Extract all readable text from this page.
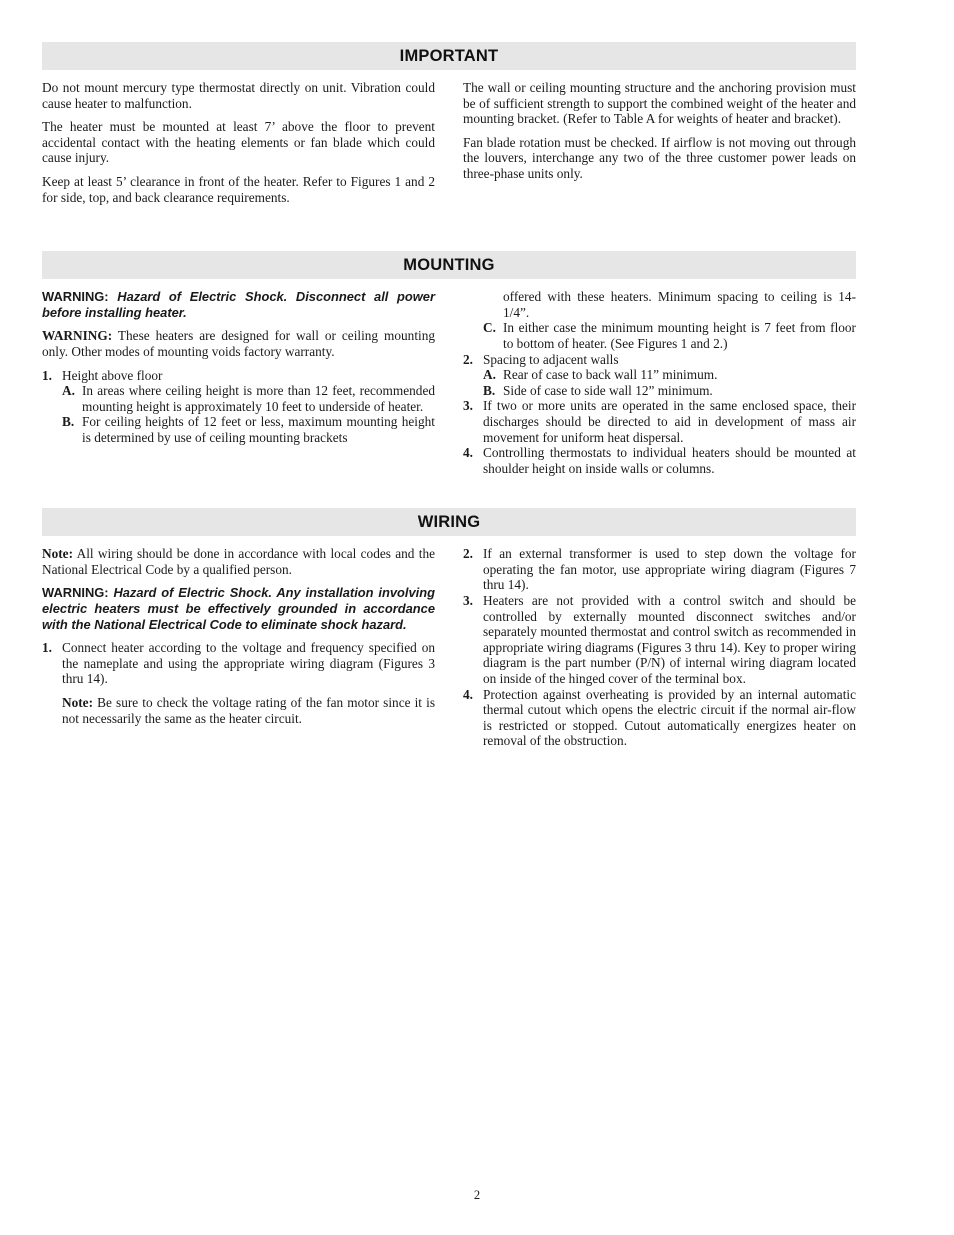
IMPORTANT

Do not mount mercury type thermostat directly on unit. Vibration could cause heater to malfunction.

The heater must be mounted at least 7’ above the floor to prevent accidental contact with the heating elements or fan blade which could cause injury.

Keep at least 5’ clearance in front of the heater. Refer to Figures 1 and 2 for side, top, and back clearance requirements.

The wall or ceiling mounting structure and the anchoring provision must be of sufficient strength to support the combined weight of the heater and mounting bracket. (Refer to Table A for weights of heater and bracket).

Fan blade rotation must be checked. If airflow is not moving out through the louvers, interchange any two of the three customer power leads on three-phase units only.

MOUNTING
WARNING: Hazard of Electric Shock. Disconnect all power before installing heater.

WARNING: These heaters are designed for wall or ceiling mounting only. Other modes of mounting voids factory warranty.

1. Height above floor
A. In areas where ceiling height is more than 12 feet, recommended mounting height is approximately 10 feet to underside of heater.
B. For ceiling heights of 12 feet or less, maximum mounting height is determined by use of ceiling mounting brackets
offered with these heaters. Minimum spacing to ceiling is 14-1/4”.
C. In either case the minimum mounting height is 7 feet from floor to bottom of heater. (See Figures 1 and 2.)
2. Spacing to adjacent walls
A. Rear of case to back wall 11” minimum.
B. Side of case to side wall 12” minimum.
3. If two or more units are operated in the same enclosed space, their discharges should be directed to aid in development of mass air movement for uniform heat dispersal.
4. Controlling thermostats to individual heaters should be mounted at shoulder height on inside walls or columns.
WIRING

Note: All wiring should be done in accordance with local codes and the National Electrical Code by a qualified person.

WARNING: Hazard of Electric Shock. Any installation involving electric heaters must be effectively grounded in accordance with the National Electrical Code to eliminate shock hazard.
1. Connect heater according to the voltage and frequency specified on the nameplate and using the appropriate wiring diagram (Figures 3 thru 14).
Note: Be sure to check the voltage rating of the fan motor since it is not necessarily the same as the heater circuit.
2. If an external transformer is used to step down the voltage for operating the fan motor, use appropriate wiring diagram (Figures 7 thru 14).
3. Heaters are not provided with a control switch and should be controlled by externally mounted disconnect switches and/or separately mounted thermostat and control switch as recommended in appropriate wiring diagrams (Figures 3 thru 14). Key to proper wiring diagram is the part number (P/N) of internal wiring diagram located on inside of the hinged cover of the terminal box.
4. Protection against overheating is provided by an internal automatic thermal cutout which opens the electric circuit if the normal air-flow is restricted or stopped. Cutout automatically energizes heater on removal of the obstruction.
2
